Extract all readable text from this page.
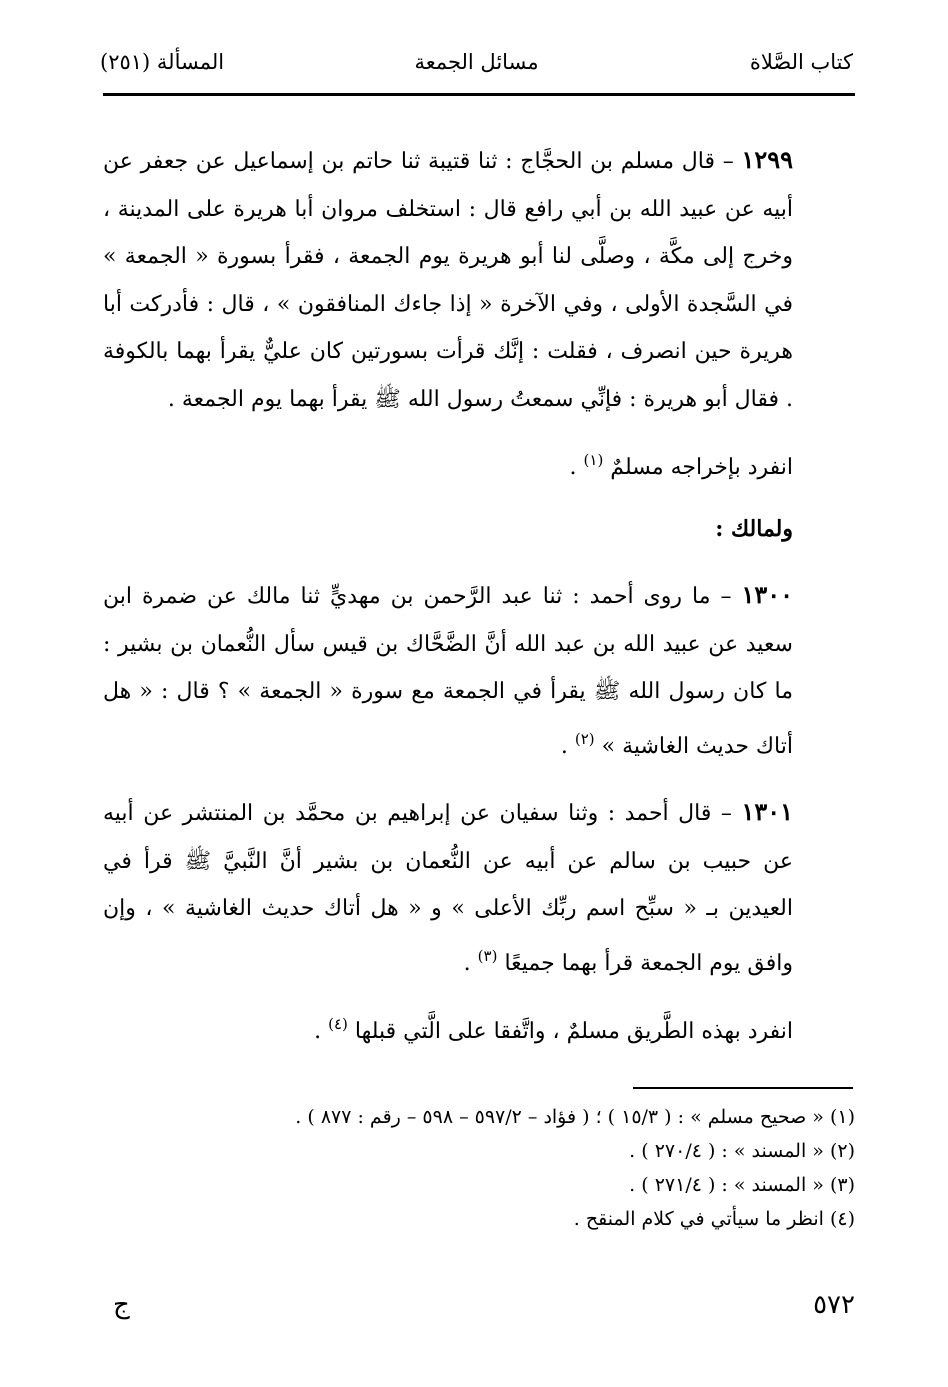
كتاب الصَّلاة
مسائل الجمعة
المسألة (٢٥١)

١٢٩٩ – قال مسلم بن الحجَّاج : ثنا قتيبة ثنا حاتم بن إسماعيل عن جعفر عن أبيه عن عبيد الله بن أبي رافع قال : استخلف مروان أبا هريرة على المدينة ، وخرج إلى مكَّة ، وصلَّى لنا أبو هريرة يوم الجمعة ، فقرأ بسورة « الجمعة » في السَّجدة الأولى ، وفي الآخرة « إذا جاءك المنافقون » ، قال : فأدركت أبا هريرة حين انصرف ، فقلت : إنَّك قرأت بسورتين كان عليٌّ يقرأ بهما بالكوفة . فقال أبو هريرة : فإنِّي سمعتُ رسول الله ﷺ يقرأ بهما يوم الجمعة .

انفرد بإخراجه مسلمٌ $^{(١)}$ .

ولمالك :

١٣٠٠ – ما روى أحمد : ثنا عبد الرَّحمن بن مهديٍّ ثنا مالك عن ضمرة ابن سعيد عن عبيد الله بن عبد الله أنَّ الضَّحَّاك بن قيس سأل النُّعمان بن بشير : ما كان رسول الله ﷺ يقرأ في الجمعة مع سورة « الجمعة » ؟ قال : « هل أتاك حديث الغاشية » $^{(٢)}$ .

١٣٠١ – قال أحمد : وثنا سفيان عن إبراهيم بن محمَّد بن المنتشر عن أبيه عن حبيب بن سالم عن أبيه عن النُّعمان بن بشير أنَّ النَّبيَّ ﷺ قرأ في العيدين بـ « سبِّح اسم ربِّك الأعلى » و « هل أتاك حديث الغاشية » ، وإن وافق يوم الجمعة قرأ بهما جميعًا $^{(٣)}$ .

انفرد بهذه الطَّريق مسلمٌ ، واتَّفقا على الَّتي قبلها $^{(٤)}$ .

(١) « صحيح مسلم » : ( ١٥/٣ ) ؛ ( فؤاد – ٥٩٧/٢ – ٥٩٨ – رقم : ٨٧٧ ) .
(٢) « المسند » : ( ٢٧٠/٤ ) .
(٣) « المسند » : ( ٢٧١/٤ ) .
(٤) انظر ما سيأتي في كلام المنقح .
٥٧٢
ج
